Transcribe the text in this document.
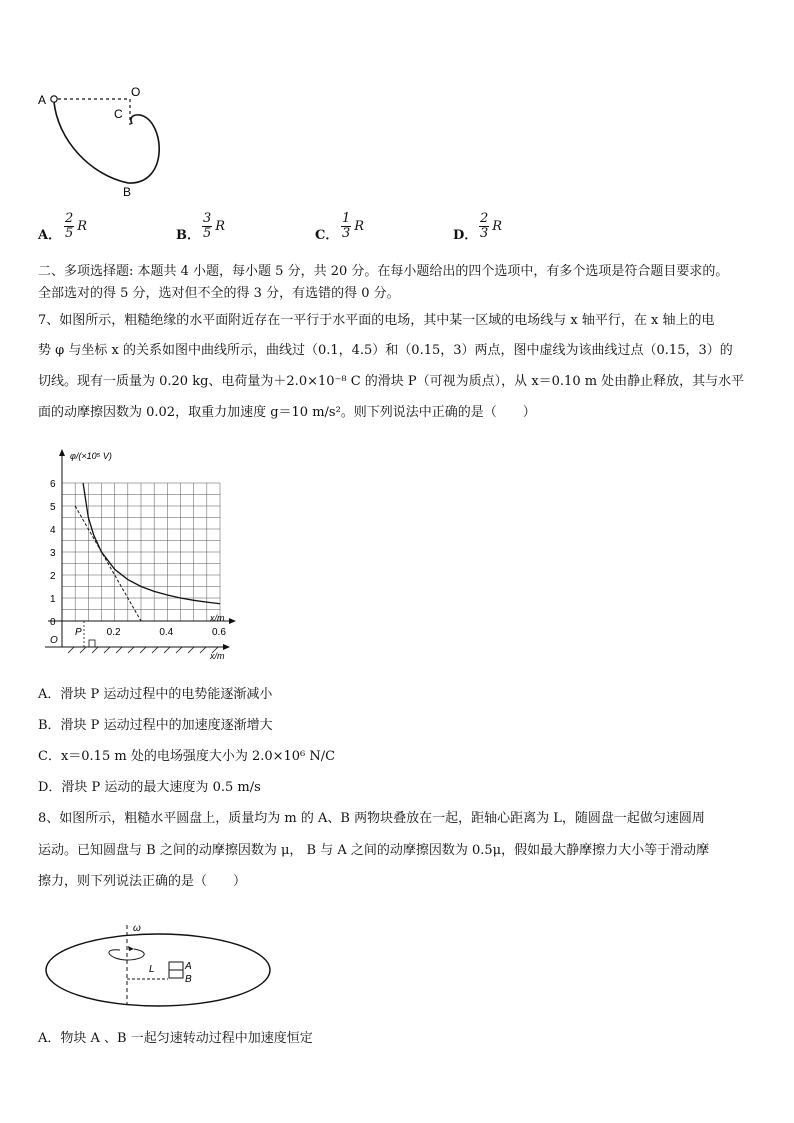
A
O
C
B
A． $\frac{2}{5}$ R
B． $\frac{3}{5}$ R
C． $\frac{1}{3}$ R
D． $\frac{2}{3}$ R
二、多项选择题: 本题共 4 小题，每小题 5 分，共 20 分。在每小题给出的四个选项中，有多个选项是符合题目要求的。
全部选对的得 5 分，选对但不全的得 3 分，有选错的得 0 分。
7、如图所示，粗糙绝缘的水平面附近存在一平行于水平面的电场，其中某一区域的电场线与 x 轴平行，在 x 轴上的电
势 φ 与坐标 x 的关系如图中曲线所示，曲线过（0.1，4.5）和（0.15，3）两点，图中虚线为该曲线过点（0.15，3）的
切线。现有一质量为 0.20 kg、电荷量为＋2.0×10⁻⁸ C 的滑块 P（可视为质点），从 x＝0.10 m 处由静止释放，其与水平
面的动摩擦因数为 0.02，取重力加速度 g＝10 m/s²。则下列说法中正确的是（　　）
1
2
3
4
5
6
0.2	0.4	0.6
φ/(×10⁵ V)
x/m
x/m
O
P
0
A．滑块 P 运动过程中的电势能逐渐减小
B．滑块 P 运动过程中的加速度逐渐增大
C．x＝0.15 m 处的电场强度大小为 2.0×10⁶ N/C
D．滑块 P 运动的最大速度为 0.5 m/s
8、如图所示，粗糙水平圆盘上，质量均为 m 的 A、B 两物块叠放在一起，距轴心距离为 L，随圆盘一起做匀速圆周
运动。已知圆盘与 B 之间的动摩擦因数为 μ， B 与 A 之间的动摩擦因数为 0.5μ，假如最大静摩擦力大小等于滑动摩
擦力，则下列说法正确的是（　　）
ω
L	A
B
A．物块 A 、B 一起匀速转动过程中加速度恒定
